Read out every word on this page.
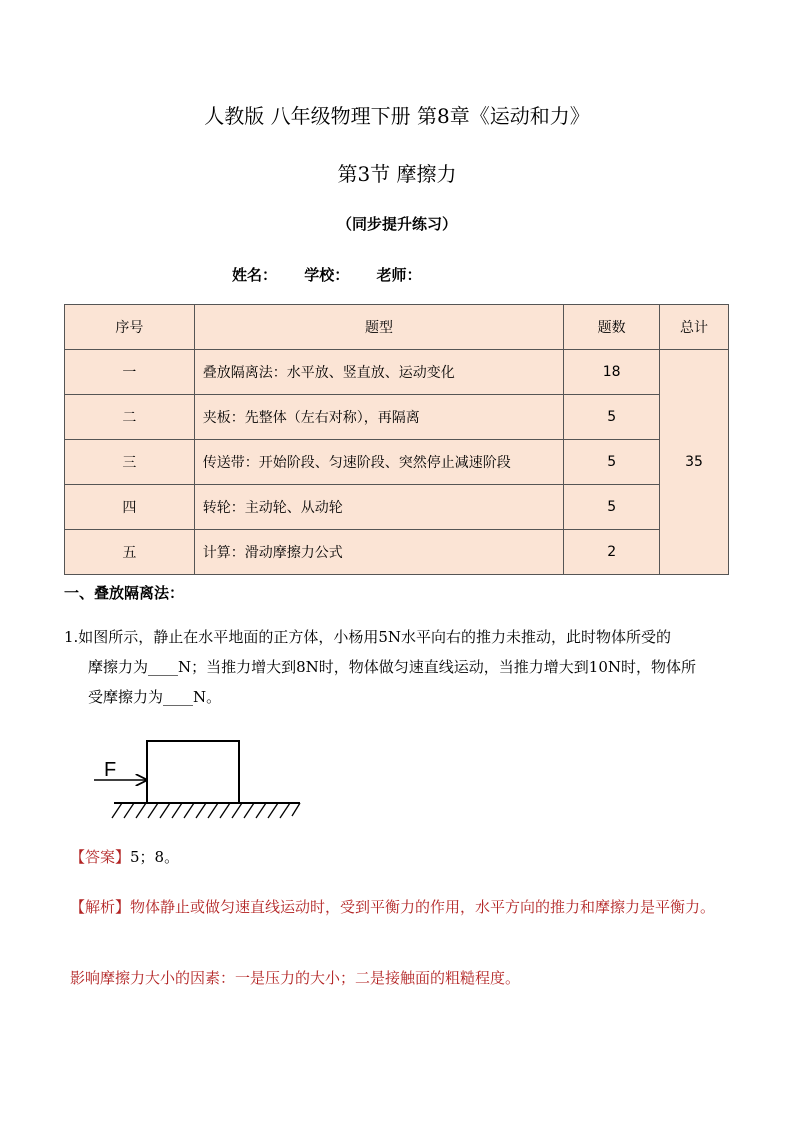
人教版 八年级物理下册 第8章《运动和力》
第3节 摩擦力
（同步提升练习）
姓名： 学校： 老师：
序号	题型	题数	总计
一	叠放隔离法：水平放、竖直放、运动变化	18	35
二	夹板：先整体（左右对称），再隔离	5	
三	传送带：开始阶段、匀速阶段、突然停止减速阶段	5	
四	转轮：主动轮、从动轮	5	
五	计算：滑动摩擦力公式	2	
一、叠放隔离法：
1.如图所示，静止在水平地面的正方体，小杨用5N水平向右的推力未推动，此时物体所受的
摩擦力为____N；当推力增大到8N时，物体做匀速直线运动，当推力增大到10N时，物体所
受摩擦力为____N。
F
【答案】5；8。
【解析】物体静止或做匀速直线运动时，受到平衡力的作用，水平方向的推力和摩擦力是平衡力。
影响摩擦力大小的因素：一是压力的大小；二是接触面的粗糙程度。
